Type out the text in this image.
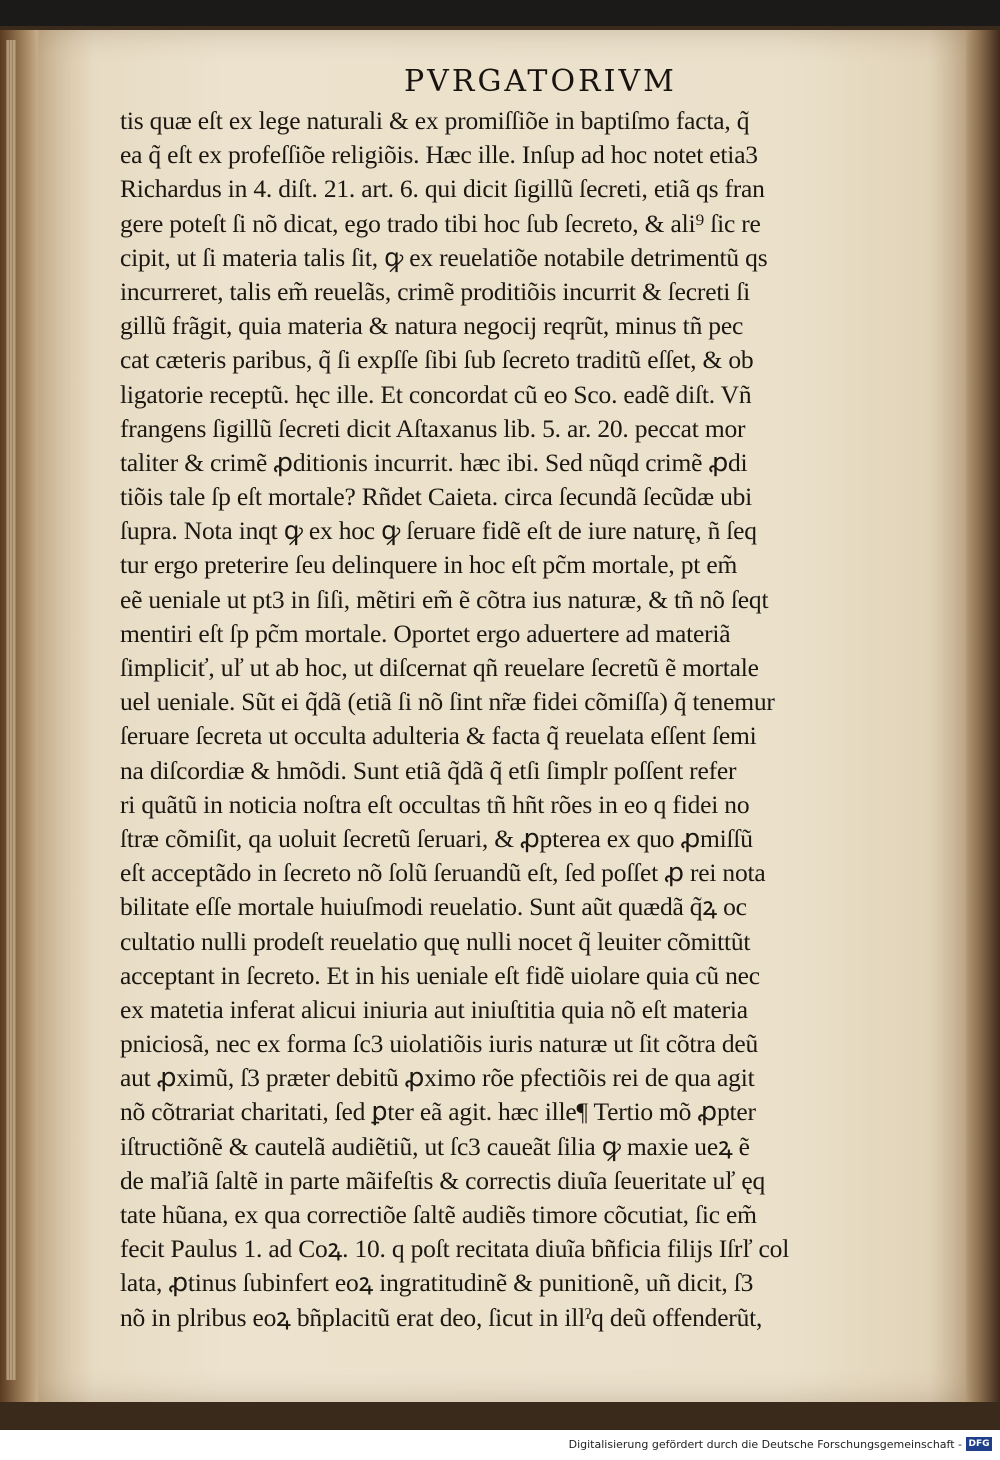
PVRGATORIVM
tis quæ eſt ex lege naturali & ex promiſſiõe in baptiſmo facta, q̃
ea q̃ eſt ex profeſſiõe religiõis. Hæc ille. Inſup ad hoc notet etia3
Richardus in 4. diſt. 21. art. 6. qui dicit ſigillũ ſecreti, etiã qs fran
gere poteſt ſi nõ dicat, ego trado tibi hoc ſub ſecreto, & ali⁹ ſic re
cipit, ut ſi materia talis ſit, ꝙ ex reuelatiõe notabile detrimentũ qs
incurreret, talis em̃ reuelãs, crimẽ proditiõis incurrit & ſecreti ſi
gillũ frãgit, quia materia & natura negocij reqrũt, minus tñ pec
cat cæteris paribus, q̃ ſi expſſe ſibi ſub ſecreto traditũ eſſet, & ob
ligatorie receptũ. hęc ille. Et concordat cũ eo Sco. eadẽ diſt. Vñ
frangens ſigillũ ſecreti dicit Aſtaxanus lib. 5. ar. 20. peccat mor
taliter & crimẽ ꝓditionis incurrit. hæc ibi. Sed nũqd crimẽ ꝓdi
tiõis tale ſp eſt mortale? Rñdet Caieta. circa ſecundã ſecũdæ ubi
ſupra. Nota inqt ꝙ ex hoc ꝙ ſeruare fidẽ eſt de iure naturę, ñ ſeq
tur ergo preterire ſeu delinquere in hoc eſt pc̃m mortale, pt em̃
eẽ ueniale ut pt3 in ſiſi, mẽtiri em̃ ẽ cõtra ius naturæ, & tñ nõ ſeqt
mentiri eſt ſp pc̃m mortale. Oportet ergo aduertere ad materiã
ſimpliciť, uľ ut ab hoc, ut diſcernat qñ reuelare ſecretũ ẽ mortale
uel ueniale. Sũt ei q̃dã (etiã ſi nõ ſint nr̃æ fidei cõmiſſa) q̃ tenemur
ſeruare ſecreta ut occulta adulteria & facta q̃ reuelata eſſent ſemi
na diſcordiæ & hmõdi. Sunt etiã q̃dã q̃ etſi ſimplr poſſent refer
ri quãtũ in noticia noſtra eſt occultas tñ hñt rões in eo q fidei no
ſtræ cõmiſit, qa uoluit ſecretũ ſeruari, & ꝓpterea ex quo ꝓmiſſũ
eſt acceptãdo in ſecreto nõ ſolũ ſeruandũ eſt, ſed poſſet ꝓ rei nota
bilitate eſſe mortale huiuſmodi reuelatio. Sunt aũt quædã q̃ꝝ oc
cultatio nulli prodeſt reuelatio quę nulli nocet q̃ leuiter cõmittũt
acceptant in ſecreto. Et in his ueniale eſt fidẽ uiolare quia cũ nec
ex matetia inferat alicui iniuria aut iniuſtitia quia nõ eſt materia
pniciosã, nec ex forma ſc3 uiolatiõis iuris naturæ ut ſit cõtra deũ
aut ꝓximũ, ſ3 præter debitũ ꝓximo rõe pfectiõis rei de qua agit
nõ cõtrariat charitati, ſed ꝑter eã agit. hæc ille¶ Tertio mõ ꝓpter
iſtructiõnẽ & cautelã audiẽtiũ, ut ſc3 caueãt ſilia ꝙ maxie ueꝝ ẽ
de maľiã ſaltẽ in parte mãifeſtis & correctis diuĩa ſeueritate uľ ęq
tate hũana, ex qua correctiõe ſaltẽ audiẽs timore cõcutiat, ſic em̃
fecit Paulus 1. ad Coꝝ. 10. q poſt recitata diuĩa bñficia filijs Iſrľ col
lata, ꝓtinus ſubinfert eoꝝ ingratitudinẽ & punitionẽ, uñ dicit, ſ3
nõ in plribus eoꝝ bñplacitũ erat deo, ſicut in illˀq deũ offenderũt,
Digitalisierung gefördert durch die Deutsche Forschungsgemeinschaft - DFG
